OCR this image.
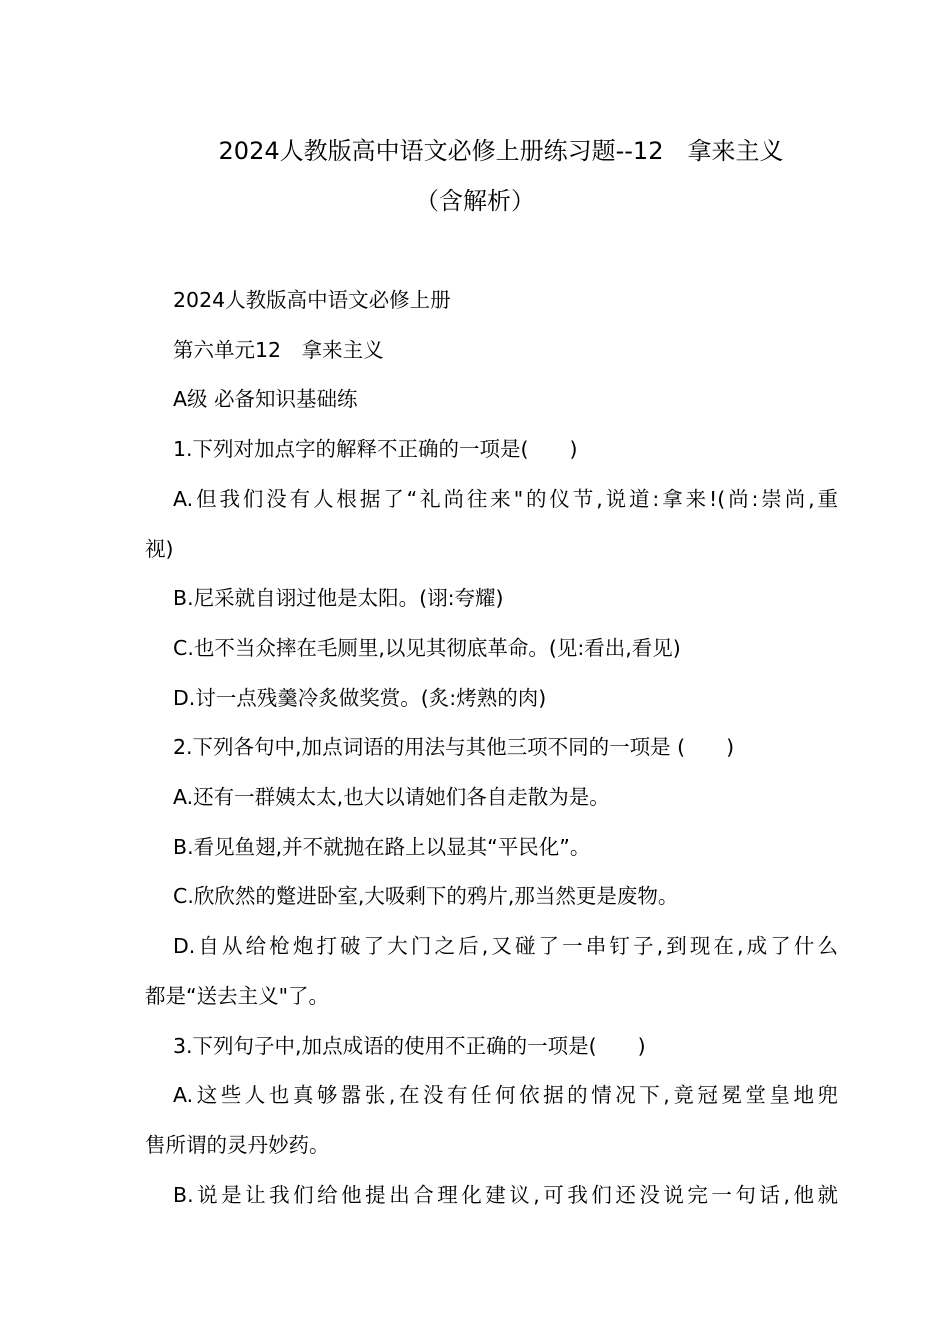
2024人教版高中语文必修上册练习题--12　拿来主义
（含解析）
2024人教版高中语文必修上册
第六单元12　拿来主义
A级 必备知识基础练
1.下列对加点字的解释不正确的一项是(　　)
A.但我们没有人根据了“礼尚往来"的仪节,说道:拿来!(尚:崇尚,重
视)
B.尼采就自诩过他是太阳。(诩:夸耀)
C.也不当众摔在毛厕里,以见其彻底革命。(见:看出,看见)
D.讨一点残羹冷炙做奖赏。(炙:烤熟的肉)
2.下列各句中,加点词语的用法与其他三项不同的一项是 (　　)
A.还有一群姨太太,也大以请她们各自走散为是。
B.看见鱼翅,并不就抛在路上以显其“平民化”。
C.欣欣然的蹩进卧室,大吸剩下的鸦片,那当然更是废物。
D.自从给枪炮打破了大门之后,又碰了一串钉子,到现在,成了什么
都是“送去主义"了。
3.下列句子中,加点成语的使用不正确的一项是(　　)
A.这些人也真够嚣张,在没有任何依据的情况下,竟冠冕堂皇地兜
售所谓的灵丹妙药。
B.说是让我们给他提出合理化建议,可我们还没说完一句话,他就
